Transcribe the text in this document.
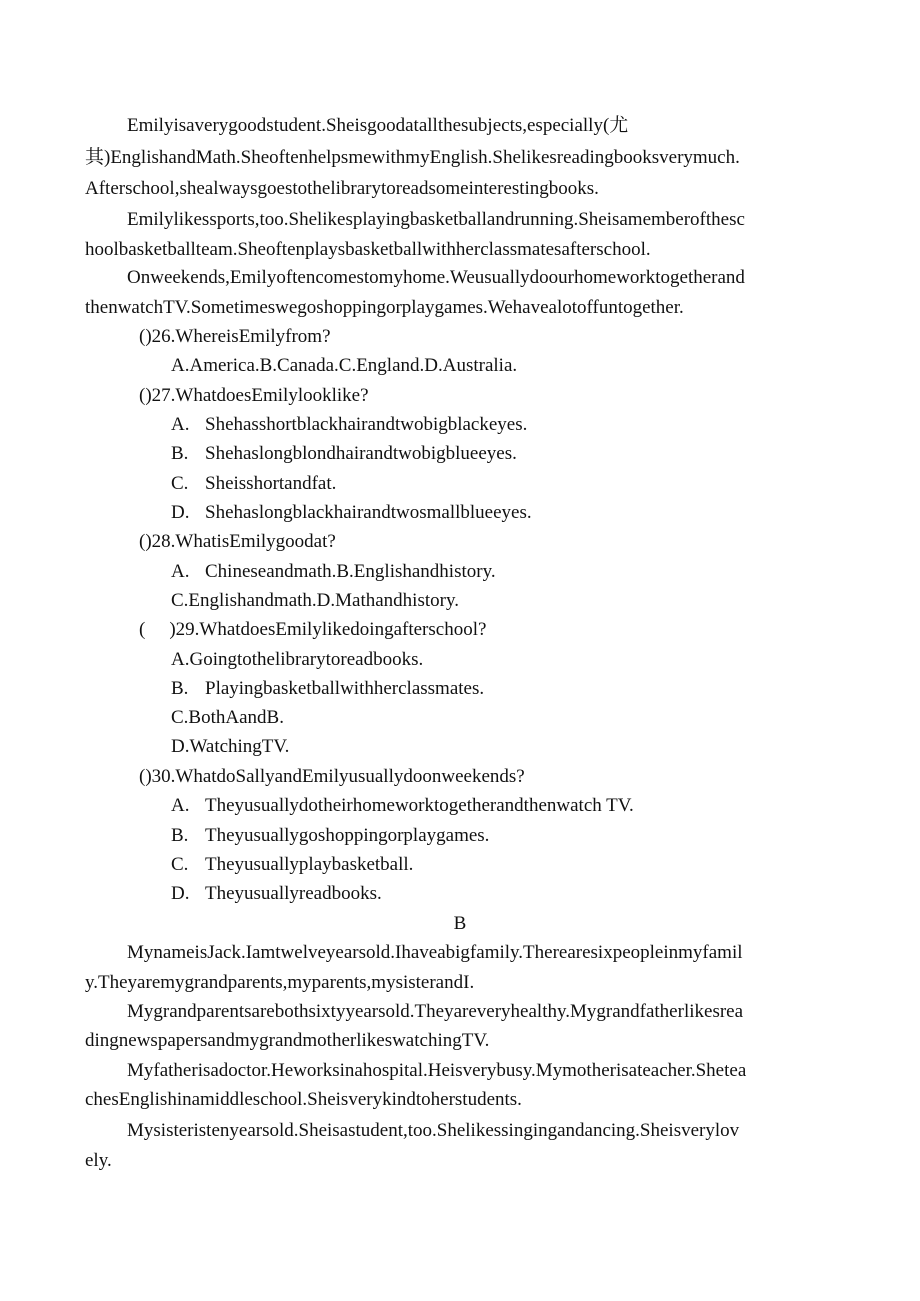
Emilyisaverygoodstudent.Sheisgoodatallthesubjects,especially(尤
其)EnglishandMath.SheoftenhelpsmewithmyEnglish.Shelikesreadingbooksverymuch.
Afterschool,shealwaysgoestothelibrarytoreadsomeinterestingbooks.
Emilylikessports,too.Shelikesplayingbasketballandrunning.Sheisamemberofthesc
hoolbasketballteam.Sheoftenplaysbasketballwithherclassmatesafterschool.
Onweekends,Emilyoftencomestomyhome.Weusuallydoourhomeworktogetherand
thenwatchTV.Sometimeswegoshoppingorplaygames.Wehavealotoffuntogether.
()26.WhereisEmilyfrom?
A.America.B.Canada.C.England.D.Australia.
()27.WhatdoesEmilylooklike?
A. Shehasshortblackhairandtwobigblackeyes.
B. Shehaslongblondhairandtwobigblueeyes.
C. Sheisshortandfat.
D. Shehaslongblackhairandtwosmallblueeyes.
()28.WhatisEmilygoodat?
A. Chineseandmath.B.Englishandhistory.
C.Englishandmath.D.Mathandhistory.
( )29.WhatdoesEmilylikedoingafterschool?
A.Goingtothelibrarytoreadbooks.
B. Playingbasketballwithherclassmates.
C.BothAandB.
D.WatchingTV.
()30.WhatdoSallyandEmilyusuallydoonweekends?
A. Theyusuallydotheirhomeworktogetherandthenwatch TV.
B. Theyusuallygoshoppingorplaygames.
C. Theyusuallyplaybasketball.
D. Theyusuallyreadbooks.
B
MynameisJack.Iamtwelveyearsold.Ihaveabigfamily.Therearesixpeopleinmyfamil
y.Theyaremygrandparents,myparents,mysisterandI.
Mygrandparentsarebothsixtyyearsold.Theyareveryhealthy.Mygrandfatherlikesrea
dingnewspapersandmygrandmotherlikeswatchingTV.
Myfatherisadoctor.Heworksinahospital.Heisverybusy.Mymotherisateacher.Shetea
chesEnglishinamiddleschool.Sheisverykindtoherstudents.
Mysisteristenyearsold.Sheisastudent,too.Shelikessingingandancing.Sheisverylov
ely.
